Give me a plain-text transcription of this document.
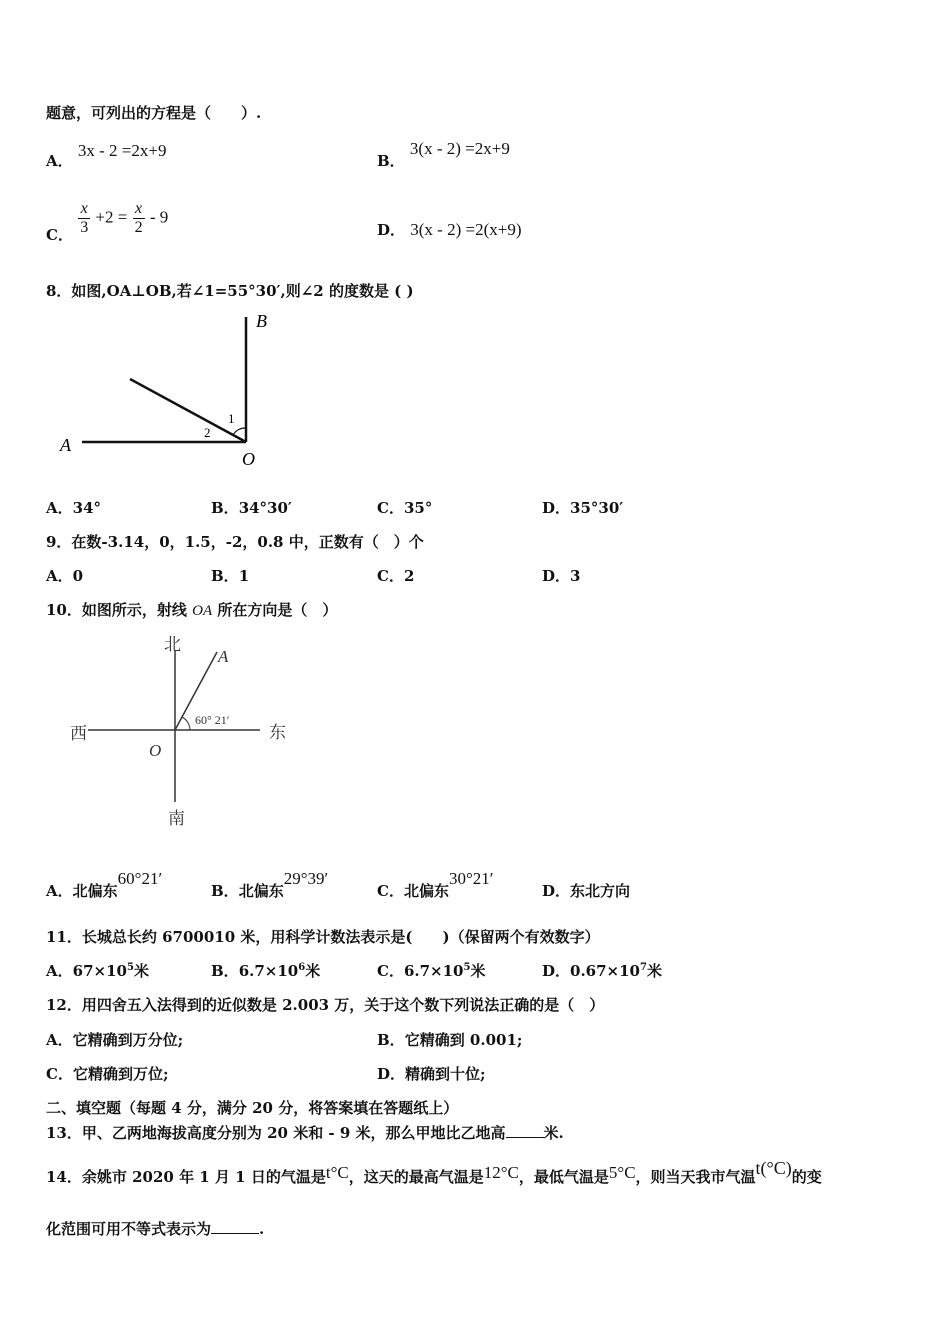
题意，可列出的方程是（　　）.
A． 3x - 2 =2x+9
B． 3(x - 2) =2x+9
C． $\frac{x}{3} +2 = \frac{x}{2} - 9$
D． 3(x - 2) =2(x+9)
8．如图,OA⊥OB,若∠1=55°30′,则∠2 的度数是 ( )
B
A
O
1
2
A．34°	B．34°30′	C．35°	D．35°30′
9．在数-3.14，0，1.5，-2，0.8 中，正数有（　）个
A．0	B．1	C．2	D．3
10．如图所示，射线 OA 所在方向是（　）
北
南
西	东
A
O
60° 21′
A．北偏东60°21′
B．北偏东29°39′
C．北偏东30°21′
D．东北方向
11．长城总长约 6700010 米，用科学计数法表示是(　　)（保留两个有效数字）
A．$67\times 10^5$米	B．$6.7\times 10^6$米	C．$6.7\times 10^5$米	D．$0.67\times 10^7$米
12．用四舍五入法得到的近似数是 2.003 万，关于这个数下列说法正确的是（　）
A．它精确到万分位;	B．它精确到 0.001;
C．它精确到万位;	D．精确到十位;
二、填空题（每题 4 分，满分 20 分，将答案填在答题纸上）
13．甲、乙两地海拔高度分别为 20 米和 - 9 米，那么甲地比乙地高	米.
14．余姚市 2020 年 1 月 1 日的气温是t°C，这天的最高气温是12°C，最低气温是5°C，则当天我市气温t(°C)的变
化范围可用不等式表示为	.
